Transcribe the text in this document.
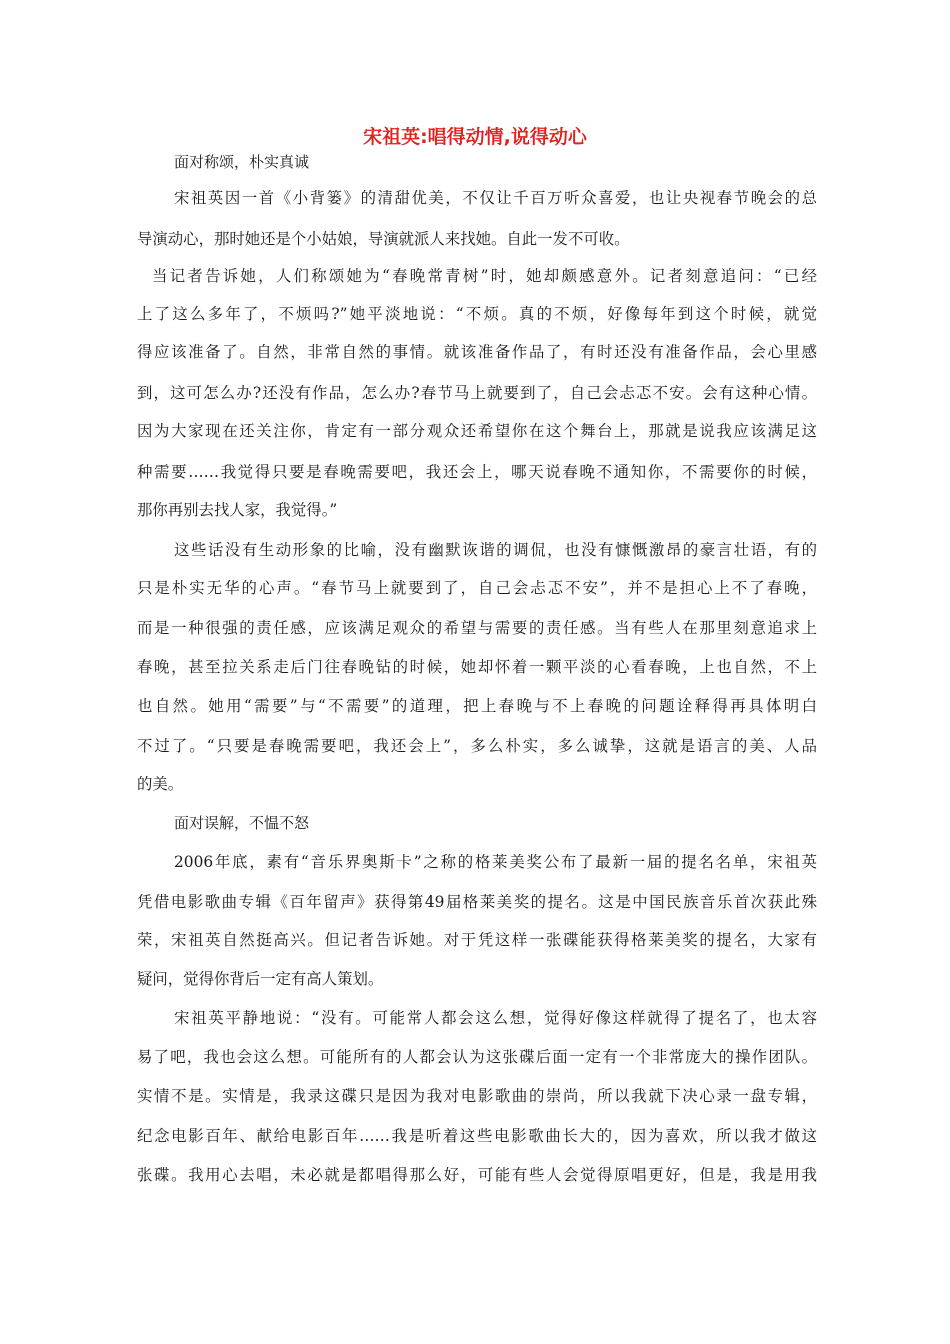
宋祖英:唱得动情,说得动心

面对称颂，朴实真诚

宋祖英因一首《小背篓》的清甜优美，不仅让千百万听众喜爱，也让央视春节晚会的总

导演动心，那时她还是个小姑娘，导演就派人来找她。自此一发不可收。

当记者告诉她，人们称颂她为“春晚常青树”时，她却颇感意外。记者刻意追问：“已经

上了这么多年了，不烦吗?”她平淡地说：“不烦。真的不烦，好像每年到这个时候，就觉

得应该准备了。自然，非常自然的事情。就该准备作品了，有时还没有准备作品，会心里感

到，这可怎么办?还没有作品，怎么办?春节马上就要到了，自己会忐忑不安。会有这种心情。

因为大家现在还关注你，肯定有一部分观众还希望你在这个舞台上，那就是说我应该满足这

种需要……我觉得只要是春晚需要吧，我还会上，哪天说春晚不通知你，不需要你的时候，

那你再别去找人家，我觉得。”

这些话没有生动形象的比喻，没有幽默诙谐的调侃，也没有慷慨激昂的豪言壮语，有的

只是朴实无华的心声。“春节马上就要到了，自己会忐忑不安”，并不是担心上不了春晚，

而是一种很强的责任感，应该满足观众的希望与需要的责任感。当有些人在那里刻意追求上

春晚，甚至拉关系走后门往春晚钻的时候，她却怀着一颗平淡的心看春晚，上也自然，不上

也自然。她用“需要”与“不需要”的道理，把上春晚与不上春晚的问题诠释得再具体明白

不过了。“只要是春晚需要吧，我还会上”，多么朴实，多么诚挚，这就是语言的美、人品

的美。

面对误解，不愠不怒

2006年底，素有“音乐界奥斯卡”之称的格莱美奖公布了最新一届的提名名单，宋祖英

凭借电影歌曲专辑《百年留声》获得第49届格莱美奖的提名。这是中国民族音乐首次获此殊

荣，宋祖英自然挺高兴。但记者告诉她。对于凭这样一张碟能获得格莱美奖的提名，大家有

疑问，觉得你背后一定有高人策划。

宋祖英平静地说：“没有。可能常人都会这么想，觉得好像这样就得了提名了，也太容

易了吧，我也会这么想。可能所有的人都会认为这张碟后面一定有一个非常庞大的操作团队。

实情不是。实情是，我录这碟只是因为我对电影歌曲的崇尚，所以我就下决心录一盘专辑，

纪念电影百年、献给电影百年……我是听着这些电影歌曲长大的，因为喜欢，所以我才做这

张碟。我用心去唱，未必就是都唱得那么好，可能有些人会觉得原唱更好，但是，我是用我
